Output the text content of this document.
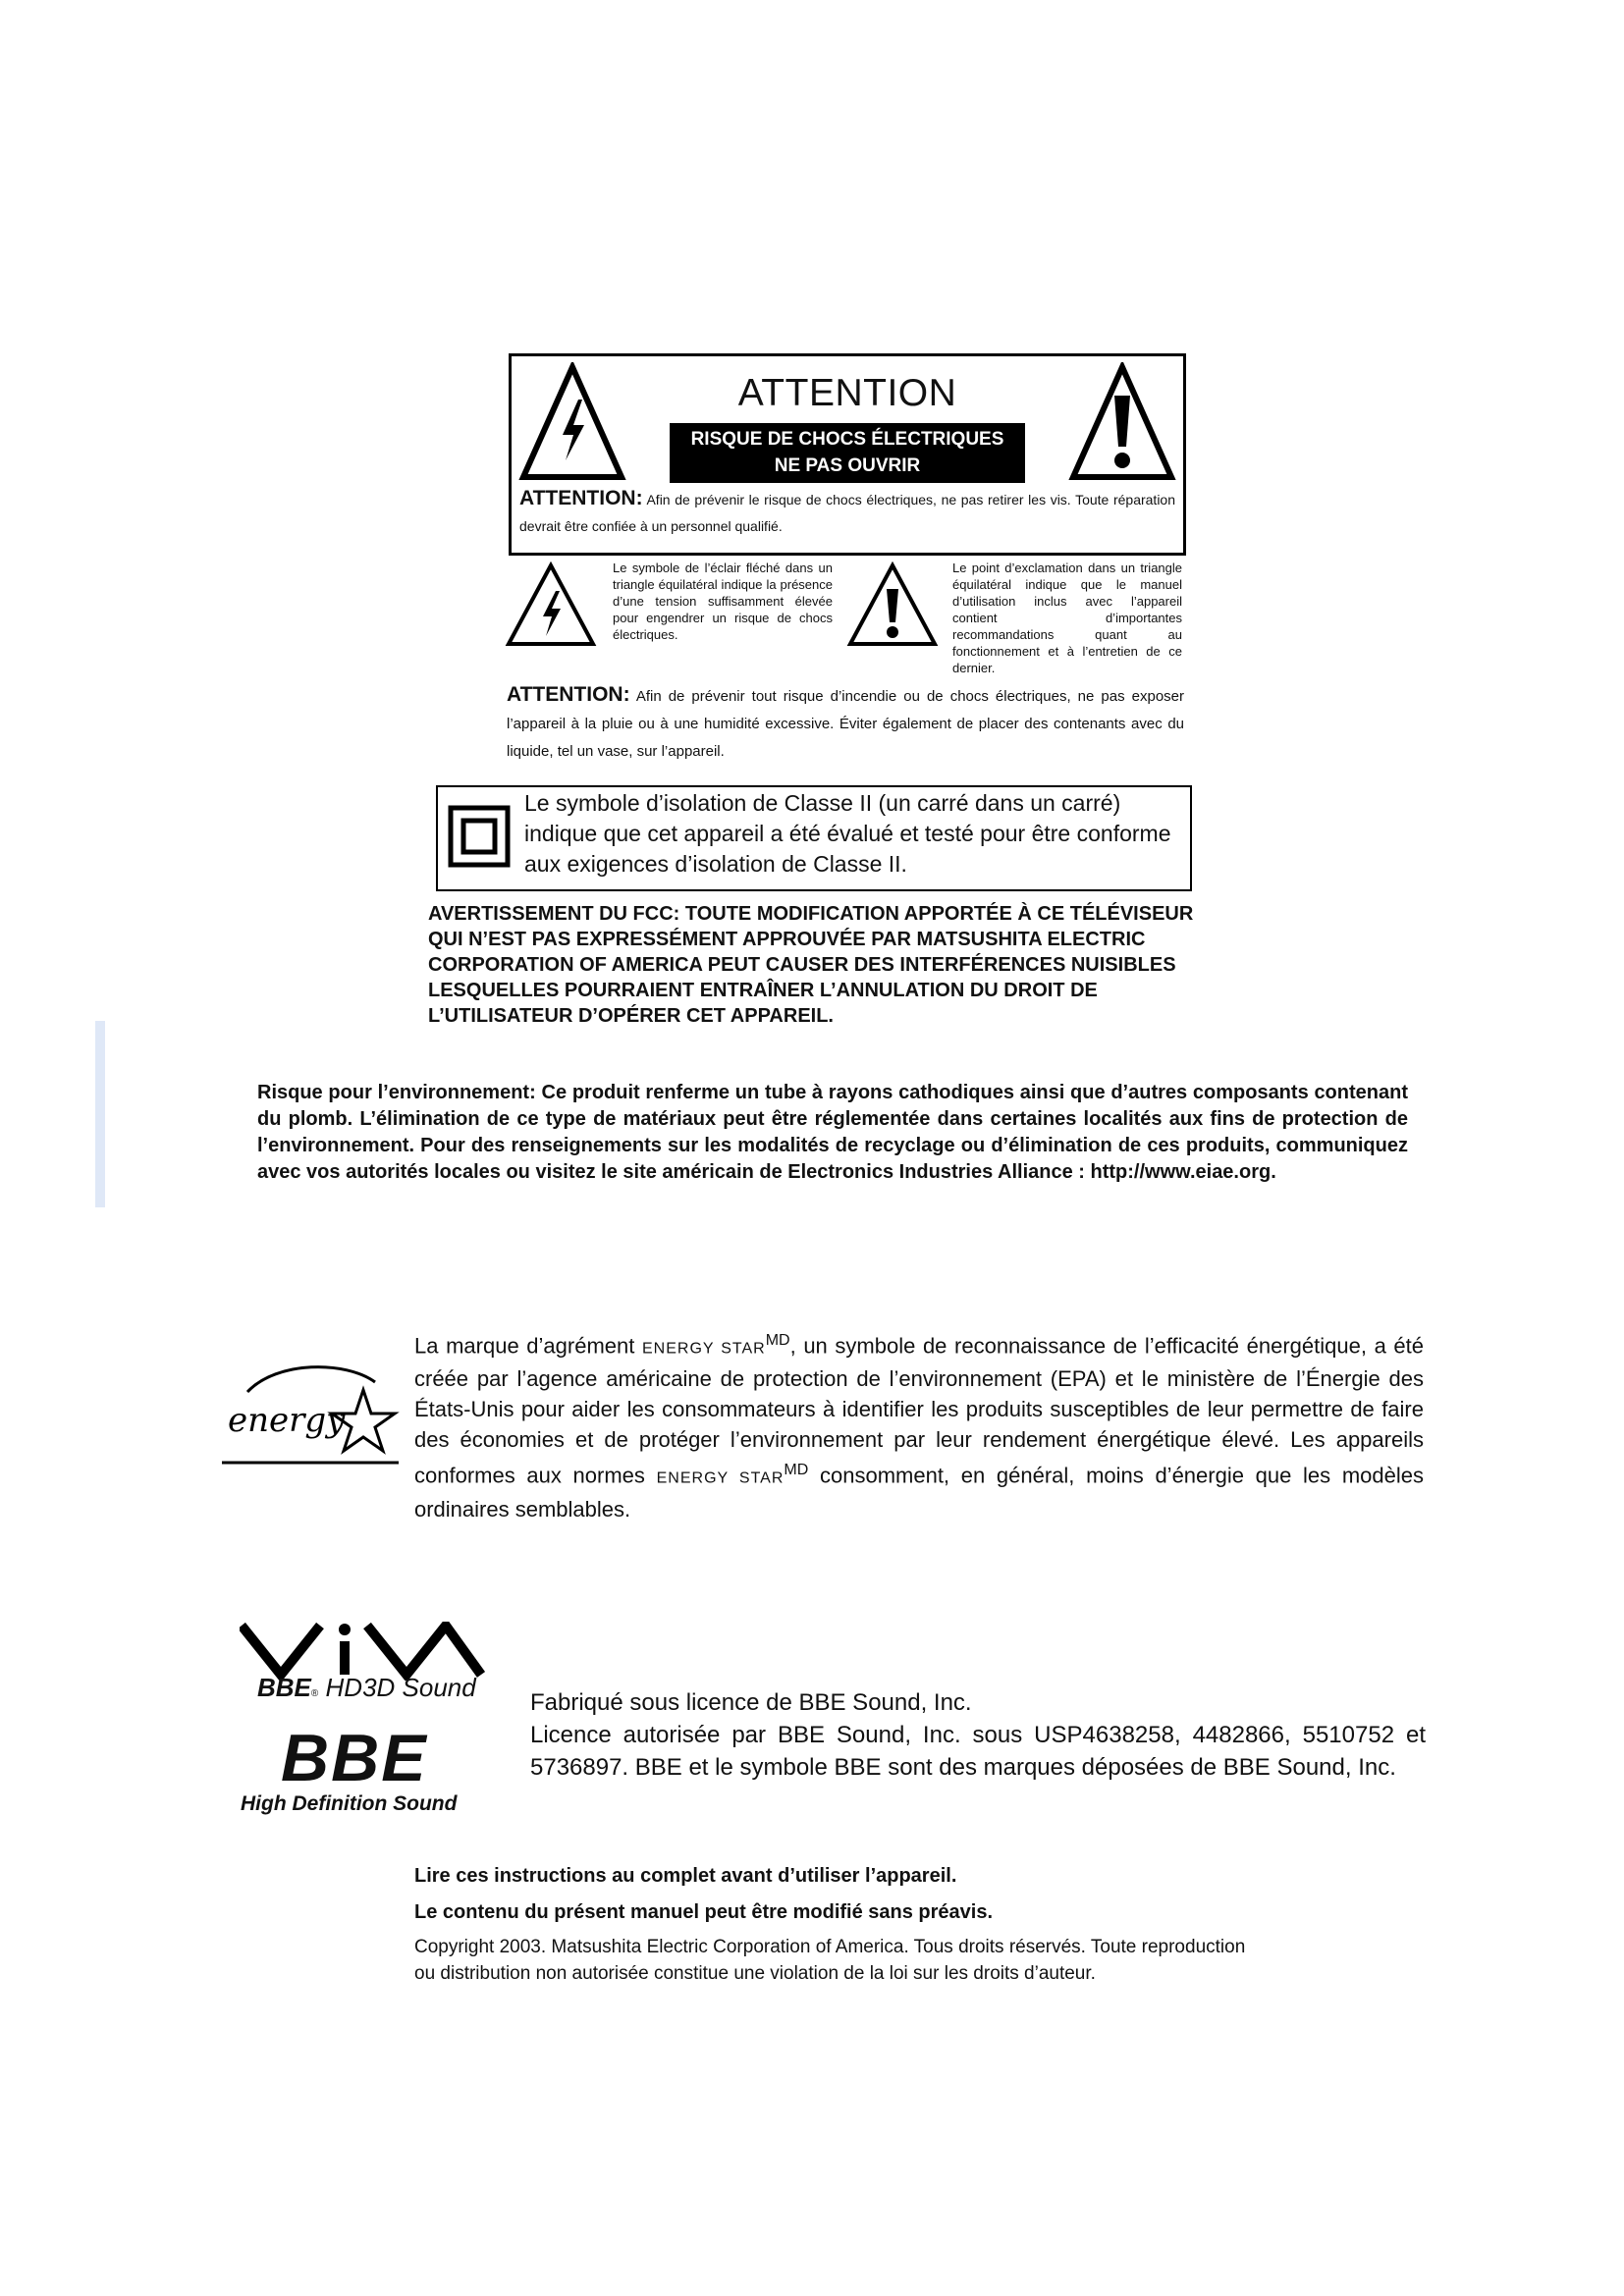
ATTENTION
RISQUE DE CHOCS ÉLECTRIQUES
NE PAS OUVRIR
ATTENTION: Afin de prévenir le risque de chocs électriques, ne pas retirer les vis. Toute réparation devrait être confiée à un personnel qualifié.
Le symbole de l’éclair fléché dans un triangle équilatéral indique la présence d’une tension suffisamment élevée pour engendrer un risque de chocs électriques.
Le point d’exclamation dans un triangle équilatéral indique que le manuel d’utilisation inclus avec l’appareil contient d’importantes recommandations quant au fonctionnement et à l’entretien de ce dernier.
ATTENTION: Afin de prévenir tout risque d’incendie ou de chocs électriques, ne pas exposer l’appareil à la pluie ou à une humidité excessive. Éviter également de placer des contenants avec du liquide, tel un vase, sur l’appareil.
Le symbole d’isolation de Classe II (un carré dans un carré) indique que cet appareil a été évalué et testé pour être conforme aux exigences d’isolation de Classe II.
AVERTISSEMENT DU FCC: TOUTE MODIFICATION APPORTÉE À CE TÉLÉVISEUR QUI N’EST PAS EXPRESSÉMENT APPROUVÉE PAR MATSUSHITA ELECTRIC CORPORATION OF AMERICA PEUT CAUSER DES INTERFÉRENCES NUISIBLES LESQUELLES POURRAIENT ENTRAÎNER L’ANNULATION DU DROIT DE L’UTILISATEUR D’OPÉRER CET APPAREIL.
Risque pour l’environnement: Ce produit renferme un tube à rayons cathodiques ainsi que d’autres composants contenant du plomb. L’élimination de ce type de matériaux peut être réglementée dans certaines localités aux fins de protection de l’environnement. Pour des renseignements sur les modalités de recyclage ou d’élimination de ces produits, communiquez avec vos autorités locales ou visitez le site américain de Electronics Industries Alliance : http://www.eiae.org.
energy
La marque d’agrément ENERGY $STAR^{MD}$, un symbole de reconnaissance de l’efficacité énergétique, a été créée par l’agence américaine de protection de l’environnement (EPA) et le ministère de l’Énergie des États-Unis pour aider les consommateurs à identifier les produits susceptibles de leur permettre de faire des économies et de protéger l’environnement par leur rendement énergétique élevé. Les appareils conformes aux normes ENERGY $STAR^{MD}$ consomment, en général, moins d’énergie que les modèles ordinaires semblables.
BBE® HD3D Sound
BBE
High Definition Sound
Fabriqué sous licence de BBE Sound, Inc.
Licence autorisée par BBE Sound, Inc. sous USP4638258, 4482866, 5510752 et 5736897. BBE et le symbole BBE sont des marques déposées de BBE Sound, Inc.
Lire ces instructions au complet avant d’utiliser l’appareil.
Le contenu du présent manuel peut être modifié sans préavis.
Copyright 2003. Matsushita Electric Corporation of America. Tous droits réservés. Toute reproduction ou distribution non autorisée constitue une violation de la loi sur les droits d’auteur.
